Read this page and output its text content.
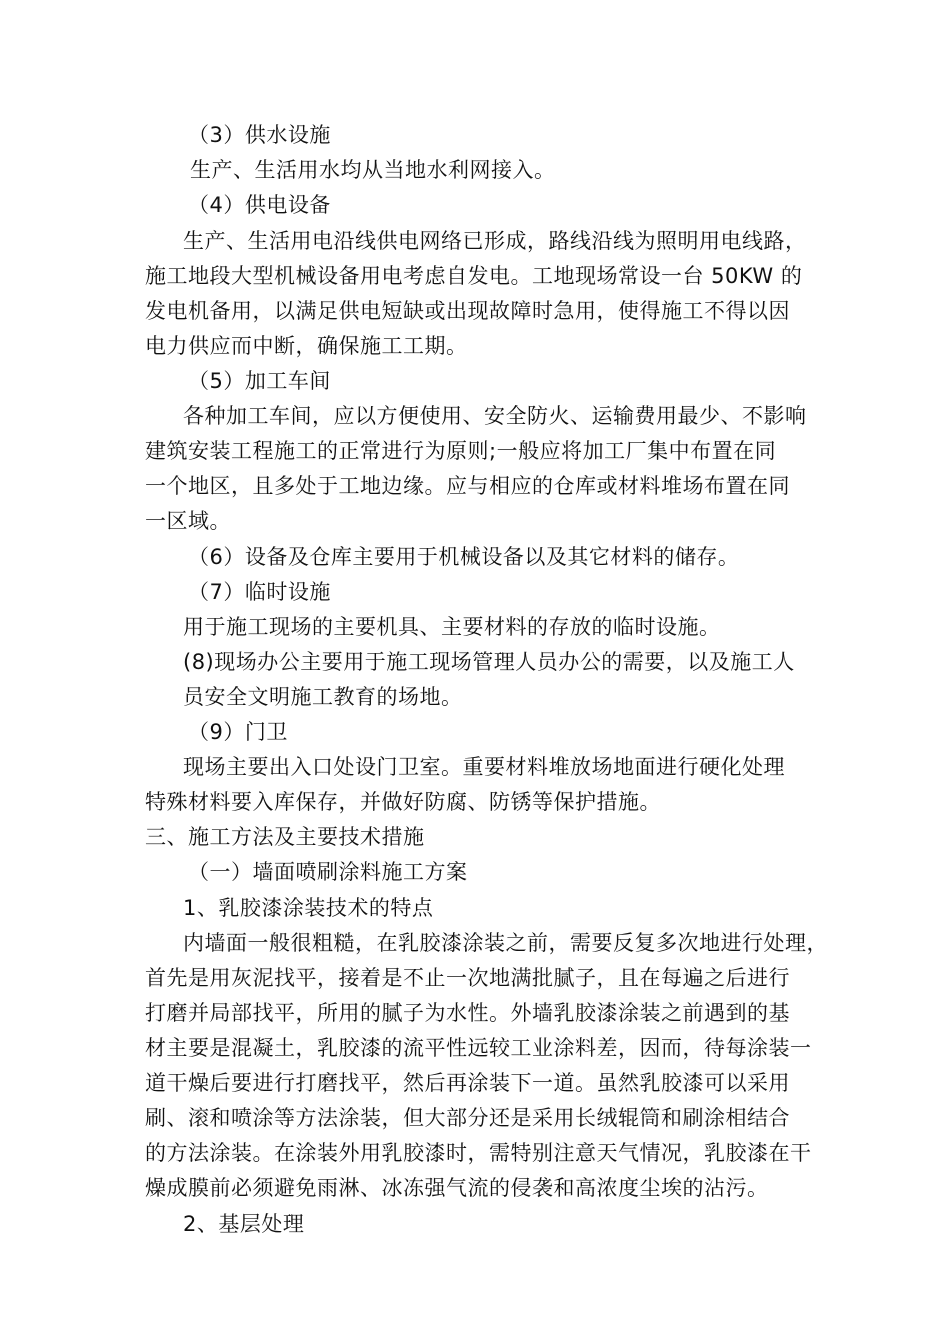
（3）供水设施
生产、生活用水均从当地水利网接入。
（4）供电设备
生产、生活用电沿线供电网络已形成，路线沿线为照明用电线路，
施工地段大型机械设备用电考虑自发电。工地现场常设一台 50KW 的
发电机备用，以满足供电短缺或出现故障时急用，使得施工不得以因
电力供应而中断，确保施工工期。
（5）加工车间
各种加工车间，应以方便使用、安全防火、运输费用最少、不影响
建筑安装工程施工的正常进行为原则;一般应将加工厂集中布置在同
一个地区，且多处于工地边缘。应与相应的仓库或材料堆场布置在同
一区域。
（6）设备及仓库主要用于机械设备以及其它材料的储存。
（7）临时设施
用于施工现场的主要机具、主要材料的存放的临时设施。
(8)现场办公主要用于施工现场管理人员办公的需要，以及施工人
员安全文明施工教育的场地。
（9）门卫
现场主要出入口处设门卫室。重要材料堆放场地面进行硬化处理
特殊材料要入库保存，并做好防腐、防锈等保护措施。
三、施工方法及主要技术措施
（一）墙面喷刷涂料施工方案
1、乳胶漆涂装技术的特点
内墙面一般很粗糙，在乳胶漆涂装之前，需要反复多次地进行处理，
首先是用灰泥找平，接着是不止一次地满批腻子，且在每遍之后进行
打磨并局部找平，所用的腻子为水性。外墙乳胶漆涂装之前遇到的基
材主要是混凝土，乳胶漆的流平性远较工业涂料差，因而，待每涂装一
道干燥后要进行打磨找平，然后再涂装下一道。虽然乳胶漆可以采用
刷、滚和喷涂等方法涂装，但大部分还是采用长绒辊筒和刷涂相结合
的方法涂装。在涂装外用乳胶漆时，需特别注意天气情况，乳胶漆在干
燥成膜前必须避免雨淋、冰冻强气流的侵袭和高浓度尘埃的沾污。
2、基层处理
